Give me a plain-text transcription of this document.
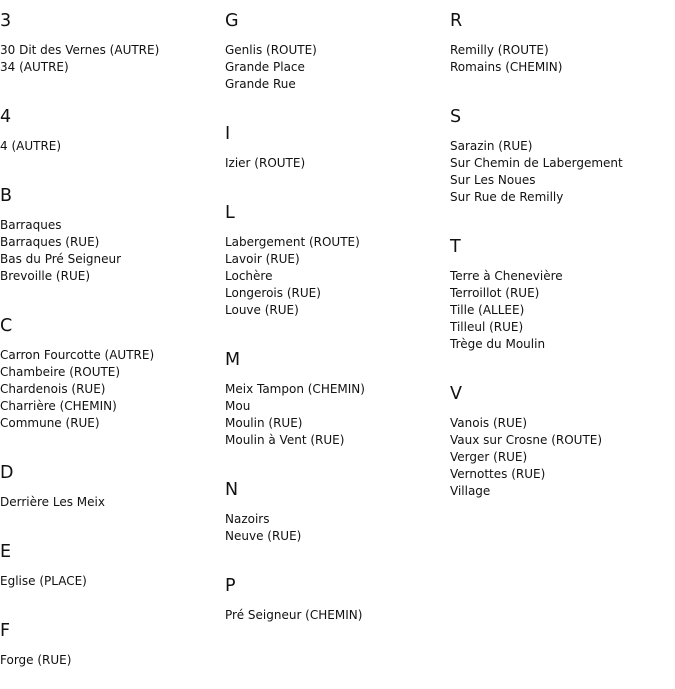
3
30 Dit des Vernes (AUTRE)
34 (AUTRE)
4
4 (AUTRE)
B
Barraques
Barraques (RUE)
Bas du Pré Seigneur
Brevoille (RUE)
C
Carron Fourcotte (AUTRE)
Chambeire (ROUTE)
Chardenois (RUE)
Charrière (CHEMIN)
Commune (RUE)
D
Derrière Les Meix
E
Eglise (PLACE)
F
Forge (RUE)
G
Genlis (ROUTE)
Grande Place
Grande Rue
I
Izier (ROUTE)
L
Labergement (ROUTE)
Lavoir (RUE)
Lochère
Longerois (RUE)
Louve (RUE)
M
Meix Tampon (CHEMIN)
Mou
Moulin (RUE)
Moulin à Vent (RUE)
N
Nazoirs
Neuve (RUE)
P
Pré Seigneur (CHEMIN)
R
Remilly (ROUTE)
Romains (CHEMIN)
S
Sarazin (RUE)
Sur Chemin de Labergement
Sur Les Noues
Sur Rue de Remilly
T
Terre à Chenevière
Terroillot (RUE)
Tille (ALLEE)
Tilleul (RUE)
Trège du Moulin
V
Vanois (RUE)
Vaux sur Crosne (ROUTE)
Verger (RUE)
Vernottes (RUE)
Village
